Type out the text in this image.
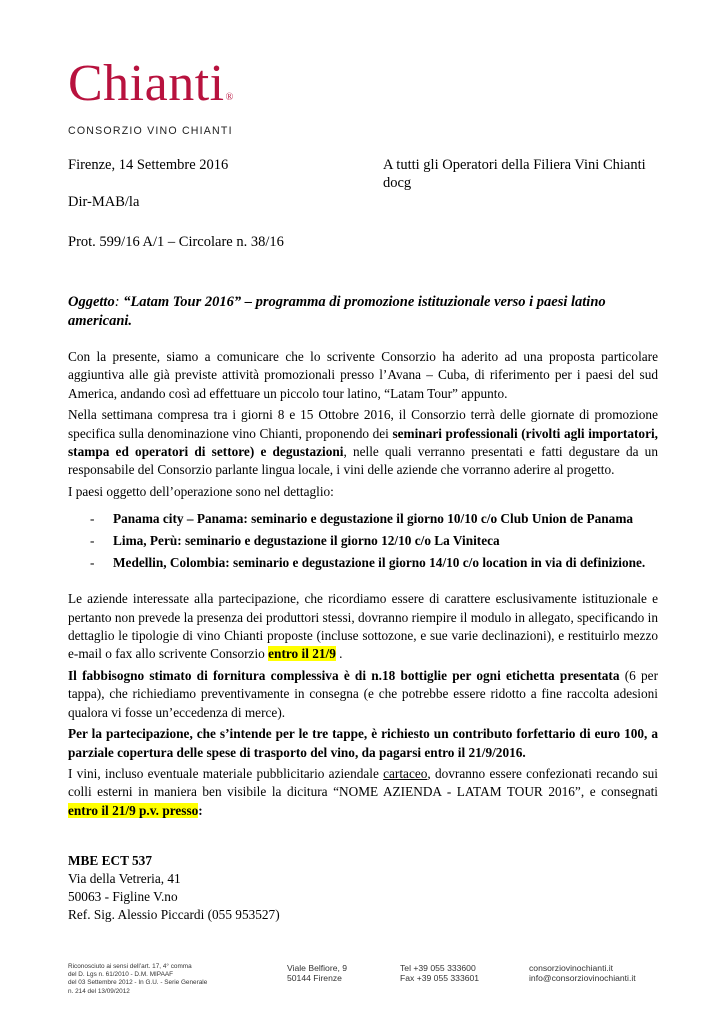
Chianti®
CONSORZIO VINO CHIANTI
Firenze, 14 Settembre 2016
Dir-MAB/la
Prot. 599/16 A/1 – Circolare n. 38/16
A tutti gli Operatori della Filiera Vini Chianti
docg
Oggetto: “Latam Tour 2016” – programma di promozione istituzionale verso i paesi latino americani.

Con la presente, siamo a comunicare che lo scrivente Consorzio ha aderito ad una proposta particolare aggiuntiva alle già previste attività promozionali presso l’Avana – Cuba, di riferimento per i paesi del sud America, andando così ad effettuare un piccolo tour latino, “Latam Tour” appunto.

Nella settimana compresa tra i giorni 8 e 15 Ottobre 2016, il Consorzio terrà delle giornate di promozione specifica sulla denominazione vino Chianti, proponendo dei seminari professionali (rivolti agli importatori, stampa ed operatori di settore) e degustazioni, nelle quali verranno presentati e fatti degustare da un responsabile del Consorzio parlante lingua locale, i vini delle aziende che vorranno aderire al progetto.

I paesi oggetto dell’operazione sono nel dettaglio:

- Panama city – Panama: seminario e degustazione il giorno 10/10 c/o Club Union de Panama
- Lima, Perù: seminario e degustazione il giorno 12/10 c/o La Viniteca
- Medellin, Colombia: seminario e degustazione il giorno 14/10 c/o location in via di definizione.

Le aziende interessate alla partecipazione, che ricordiamo essere di carattere esclusivamente istituzionale e pertanto non prevede la presenza dei produttori stessi, dovranno riempire il modulo in allegato, specificando in dettaglio le tipologie di vino Chianti proposte (incluse sottozone, e sue varie declinazioni), e restituirlo mezzo e-mail o fax allo scrivente Consorzio entro il 21/9 .

Il fabbisogno stimato di fornitura complessiva è di n.18 bottiglie per ogni etichetta presentata (6 per tappa), che richiediamo preventivamente in consegna (e che potrebbe essere ridotto a fine raccolta adesioni qualora vi fosse un’eccedenza di merce).

Per la partecipazione, che s’intende per le tre tappe, è richiesto un contributo forfettario di euro 100, a parziale copertura delle spese di trasporto del vino, da pagarsi entro il 21/9/2016.

I vini, incluso eventuale materiale pubblicitario aziendale cartaceo, dovranno essere confezionati recando sui colli esterni in maniera ben visibile la dicitura “NOME AZIENDA - LATAM TOUR 2016”, e consegnati entro il 21/9 p.v. presso:

MBE ECT 537
Via della Vetreria, 41
50063 - Figline V.no
Ref. Sig. Alessio Piccardi (055 953527)
Riconosciuto ai sensi dell’art. 17, 4° comma
del D. Lgs n. 61/2010 - D.M. MIPAAF
del 03 Settembre 2012 - In G.U. - Serie Generale
n. 214 del 13/09/2012
Viale Belfiore, 9
50144 Firenze
Tel +39 055 333600
Fax +39 055 333601
consorziovinochianti.it
info@consorziovinochianti.it
